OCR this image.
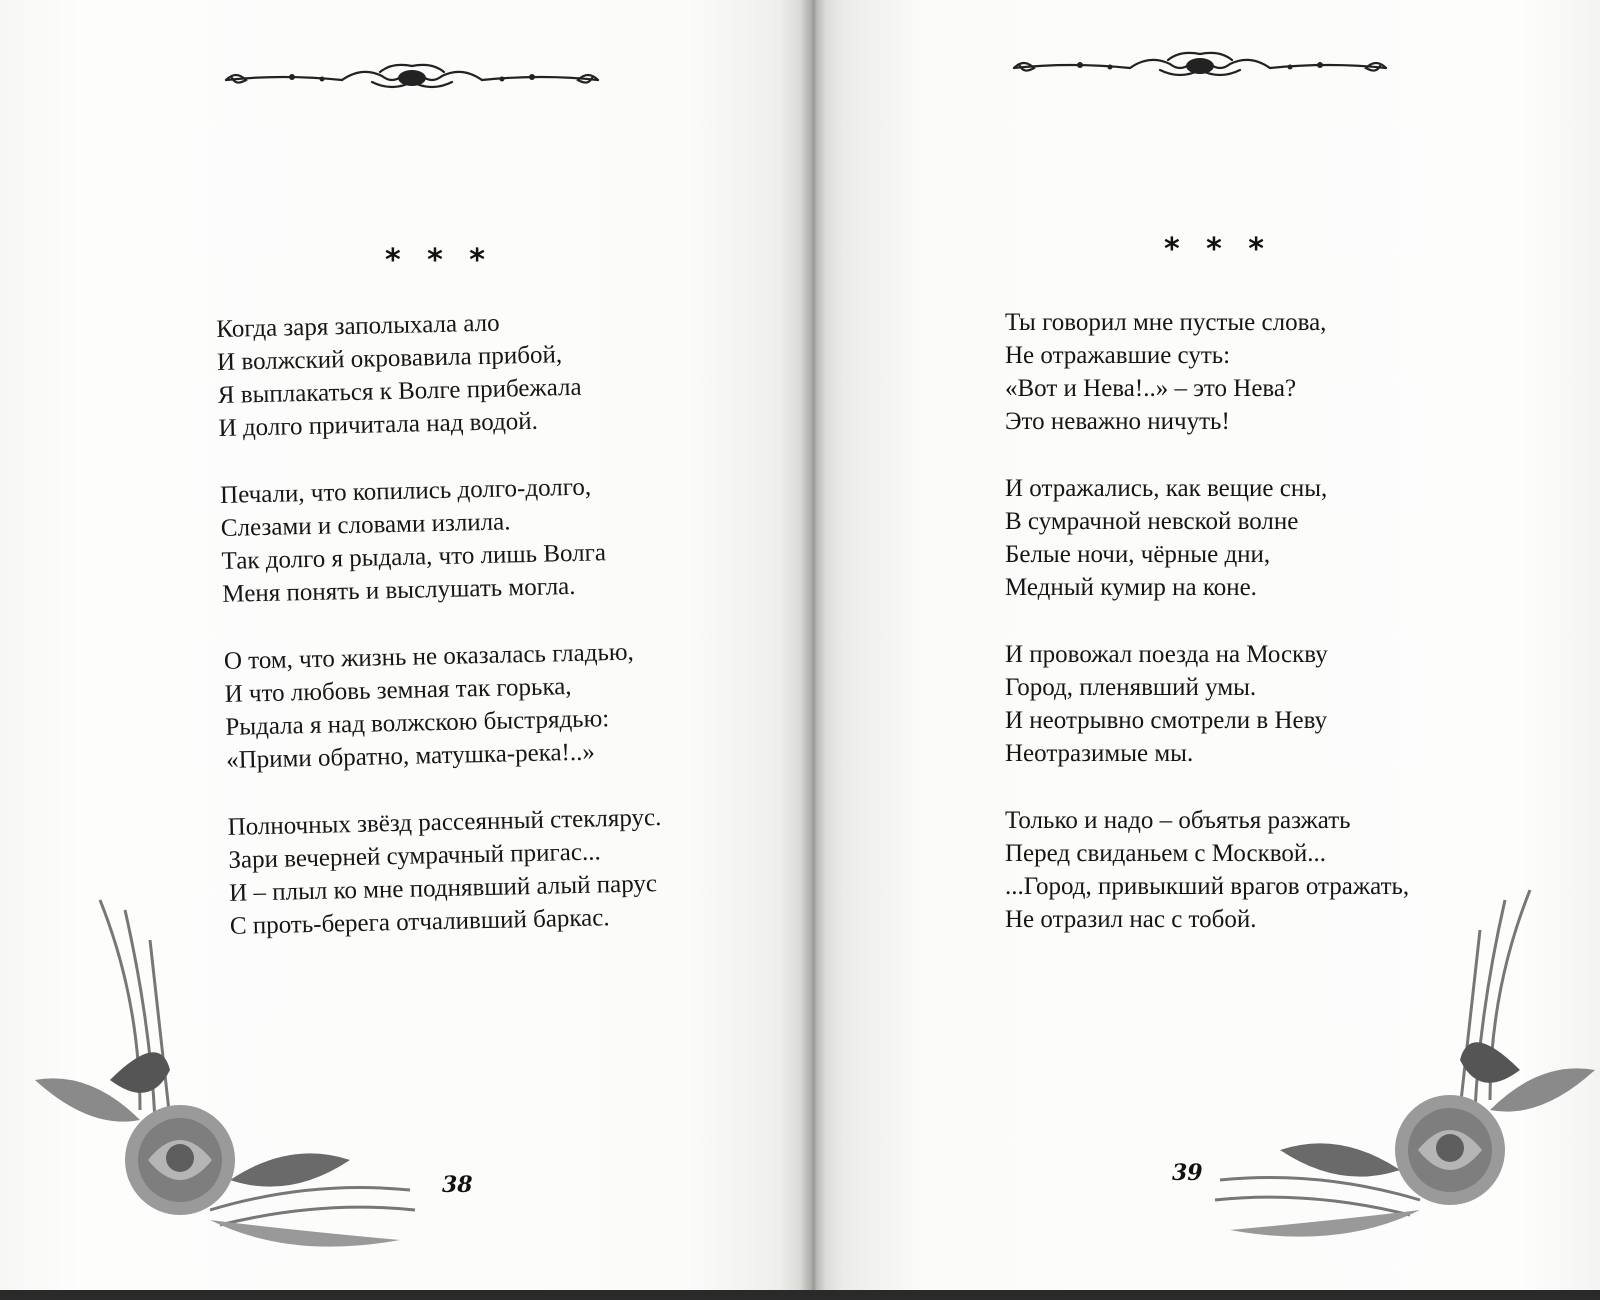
* * *
Когда заря заполыхала ало
И волжский окровавила прибой,
Я выплакаться к Волге прибежала
И долго причитала над водой.
Печали, что копились долго-долго,
Слезами и словами излила.
Так долго я рыдала, что лишь Волга
Меня понять и выслушать могла.
О том, что жизнь не оказалась гладью,
И что любовь земная так горька,
Рыдала я над волжскою быстрядью:
«Прими обратно, матушка-река!..»
Полночных звёзд рассеянный стеклярус.
Зари вечерней сумрачный пригас...
И – плыл ко мне поднявший алый парус
С проть-берега отчаливший баркас.
38
* * *
Ты говорил мне пустые слова,
Не отражавшие суть:
«Вот и Нева!..» – это Нева?
Это неважно ничуть!
И отражались, как вещие сны,
В сумрачной невской волне
Белые ночи, чёрные дни,
Медный кумир на коне.
И провожал поезда на Москву
Город, пленявший умы.
И неотрывно смотрели в Неву
Неотразимые мы.
Только и надо – объятья разжать
Перед свиданьем с Москвой...
...Город, привыкший врагов отражать,
Не отразил нас с тобой.
39
